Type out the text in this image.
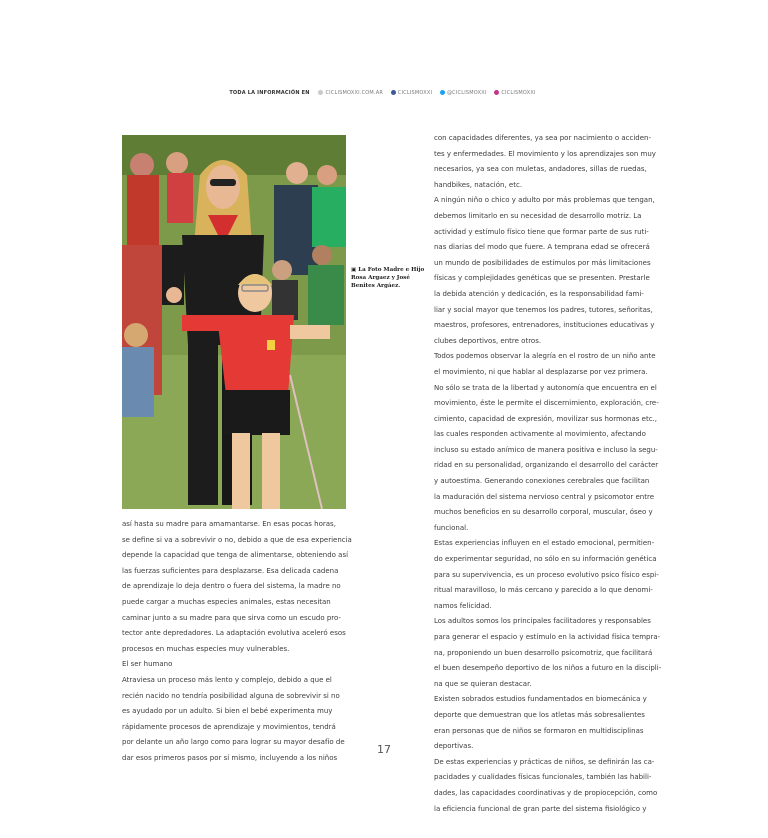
TODA LA INFORMACIÓN EN	CICLISMOXXI.COM.AR	CICLISMOXXI	@CICLISMOXXI	CICLISMOXXI
▣ La Foto Madre e Hijo Rosa Argaez y José Benites Argáez.

así hasta su madre para amamantarse. En esas pocas horas,

se define si va a sobrevivir o no, debido a que de esa experiencia

depende la capacidad que tenga de alimentarse, obteniendo así

las fuerzas suficientes para desplazarse. Esa delicada cadena

de aprendizaje lo deja dentro o fuera del sistema, la madre no

puede cargar a muchas especies animales, estas necesitan

caminar junto a su madre para que sirva como un escudo pro-

tector ante depredadores. La adaptación evolutiva aceleró esos

procesos en muchas especies muy vulnerables.

El ser humano

Atraviesa un proceso más lento y complejo, debido a que el

recién nacido no tendría posibilidad alguna de sobrevivir si no

es ayudado por un adulto. Si bien el bebé experimenta muy

rápidamente procesos de aprendizaje y movimientos, tendrá

por delante un año largo como para lograr su mayor desafío de

dar esos primeros pasos por sí mismo, incluyendo a los niños

con capacidades diferentes, ya sea por nacimiento o acciden-

tes y enfermedades. El movimiento y los aprendizajes son muy

necesarios, ya sea con muletas, andadores, sillas de ruedas,

handbikes, natación, etc.

A ningún niño o chico y adulto por más problemas que tengan,

debemos limitarlo en su necesidad de desarrollo motriz. La

actividad y estímulo físico tiene que formar parte de sus ruti-

nas diarias del modo que fuere. A temprana edad se ofrecerá

un mundo de posibilidades de estímulos por más limitaciones

físicas y complejidades genéticas que se presenten. Prestarle

la debida atención y dedicación, es la responsabilidad fami-

liar y social mayor que tenemos los padres, tutores, señoritas,

maestros, profesores, entrenadores, instituciones educativas y

clubes deportivos, entre otros.

Todos podemos observar la alegría en el rostro de un niño ante

el movimiento, ni que hablar al desplazarse por vez primera.

No sólo se trata de la libertad y autonomía que encuentra en el

movimiento, éste le permite el discernimiento, exploración, cre-

cimiento, capacidad de expresión, movilizar sus hormonas etc.,

las cuales responden activamente al movimiento, afectando

incluso su estado anímico de manera positiva e incluso la segu-

ridad en su personalidad, organizando el desarrollo del carácter

y autoestima. Generando conexiones cerebrales que facilitan

la maduración del sistema nervioso central y psicomotor entre

muchos beneficios en su desarrollo corporal, muscular, óseo y

funcional.

Estas experiencias influyen en el estado emocional, permitien-

do experimentar seguridad, no sólo en su información genética

para su supervivencia, es un proceso evolutivo psico físico espi-

ritual maravilloso, lo más cercano y parecido a lo que denomi-

namos felicidad.

Los adultos somos los principales facilitadores y responsables

para generar el espacio y estímulo en la actividad física tempra-

na, proponiendo un buen desarrollo psicomotriz, que facilitará

el buen desempeño deportivo de los niños a futuro en la discipli-

na que se quieran destacar.

Existen sobrados estudios fundamentados en biomecánica y

deporte que demuestran que los atletas más sobresalientes

eran personas que de niños se formaron en multidisciplinas

deportivas.

De estas experiencias y prácticas de niños, se definirán las ca-

pacidades y cualidades físicas funcionales, también las habili-

dades, las capacidades coordinativas y de propiocepción, como

la eficiencia funcional de gran parte del sistema fisiológico y

17
